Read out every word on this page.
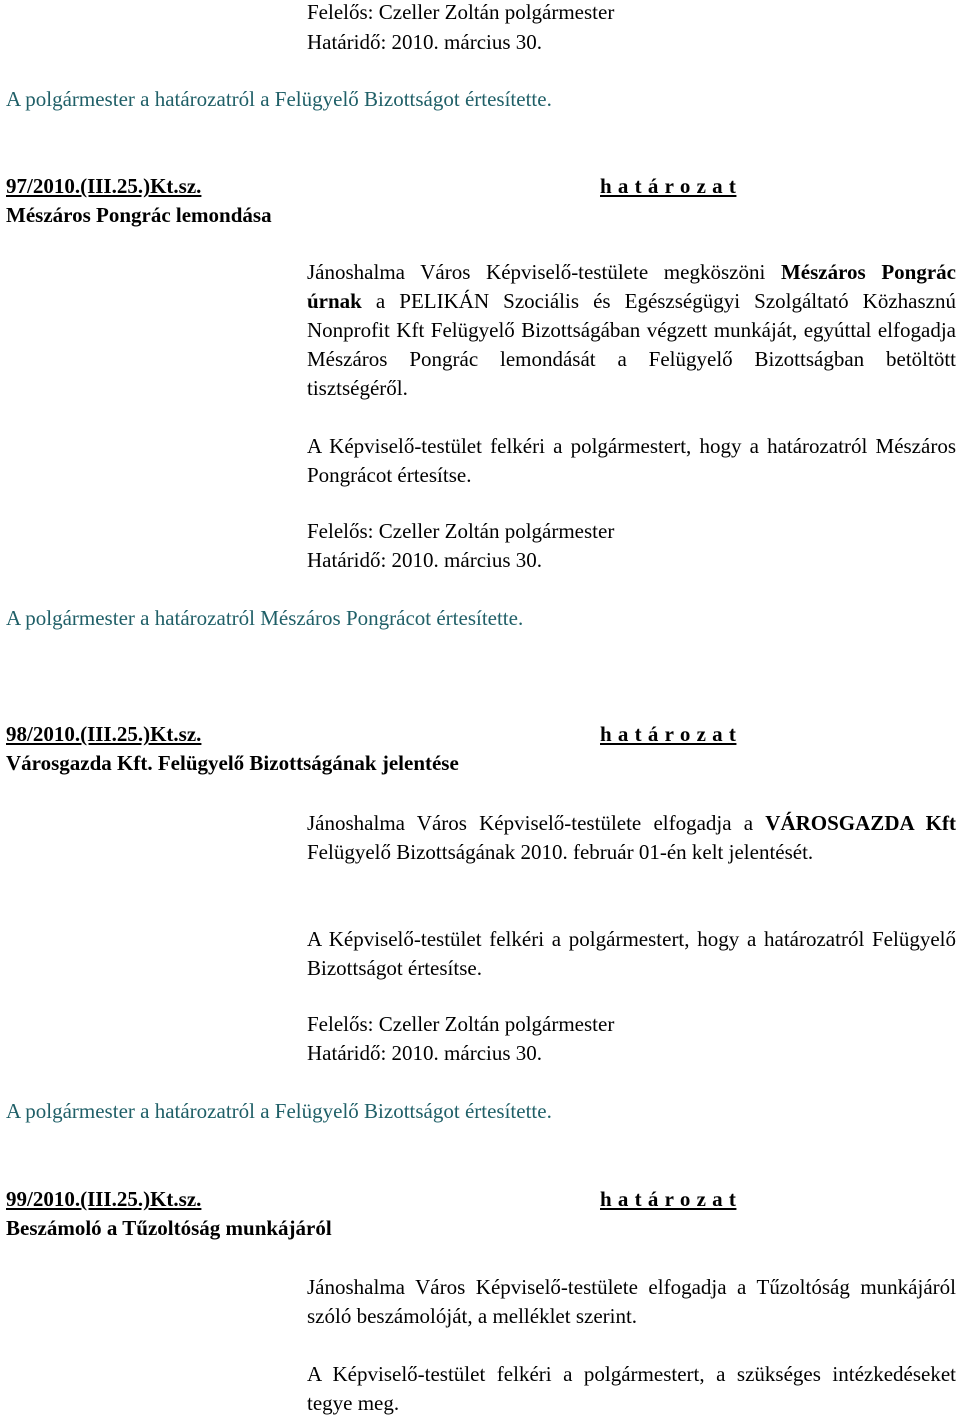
Felelős: Czeller Zoltán polgármester
Határidő: 2010. március 30.
A polgármester a határozatról a Felügyelő Bizottságot értesítette.
97/2010.(III.25.)Kt.sz.	h a t á r o z a t
Mészáros Pongrác lemondása
Jánoshalma Város Képviselő-testülete megköszöni Mészáros Pongrác úrnak a PELIKÁN Szociális és Egészségügyi Szolgáltató Közhasznú Nonprofit Kft Felügyelő Bizottságában végzett munkáját, egyúttal elfogadja Mészáros Pongrác lemondását a Felügyelő Bizottságban betöltött tisztségéről.
A Képviselő-testület felkéri a polgármestert, hogy a határozatról Mészáros Pongrácot értesítse.
Felelős: Czeller Zoltán polgármester
Határidő: 2010. március 30.
A polgármester a határozatról Mészáros Pongrácot értesítette.
98/2010.(III.25.)Kt.sz.	h a t á r o z a t
Városgazda Kft. Felügyelő Bizottságának jelentése
Jánoshalma Város Képviselő-testülete elfogadja a VÁROSGAZDA Kft Felügyelő Bizottságának 2010. február 01-én kelt jelentését.
A Képviselő-testület felkéri a polgármestert, hogy a határozatról Felügyelő Bizottságot értesítse.
Felelős: Czeller Zoltán polgármester
Határidő: 2010. március 30.
A polgármester a határozatról a Felügyelő Bizottságot értesítette.
99/2010.(III.25.)Kt.sz.	h a t á r o z a t
Beszámoló a Tűzoltóság munkájáról
Jánoshalma Város Képviselő-testülete elfogadja a Tűzoltóság munkájáról szóló beszámolóját, a melléklet szerint.
A Képviselő-testület felkéri a polgármestert, a szükséges intézkedéseket tegye meg.
